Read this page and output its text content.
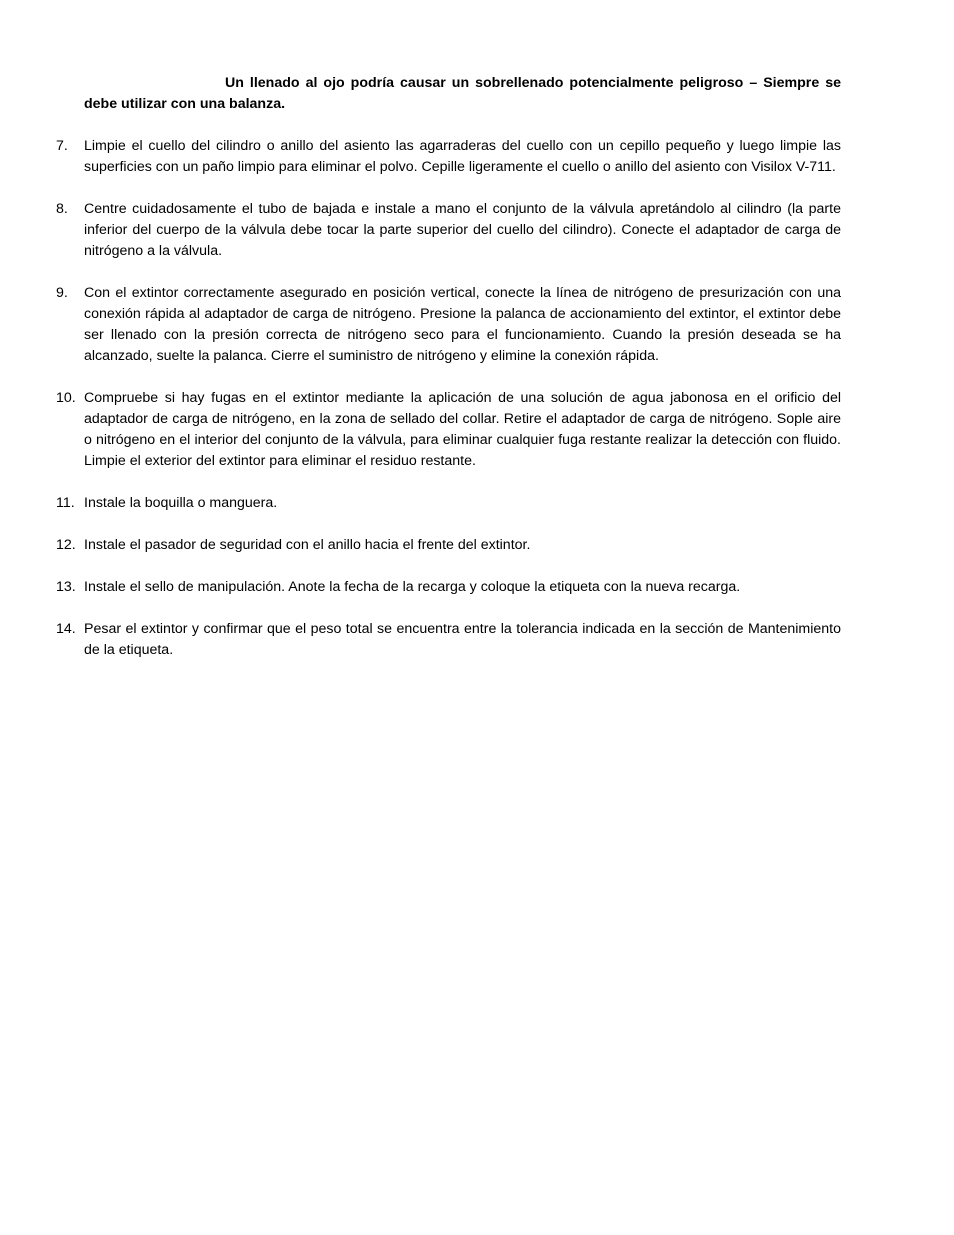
Un llenado al ojo podría causar un sobrellenado potencialmente peligroso – Siempre se debe utilizar con una balanza.

7.	Limpie el cuello del cilindro o anillo del asiento las agarraderas del cuello con un cepillo pequeño y luego limpie las superficies con un paño limpio para eliminar el polvo. Cepille ligeramente el cuello o anillo del asiento con Visilox V-711.
8.	Centre cuidadosamente el tubo de bajada e instale a mano el conjunto de la válvula apretándolo al cilindro (la parte inferior del cuerpo de la válvula debe tocar la parte superior del cuello del cilindro). Conecte el adaptador de carga de nitrógeno a la válvula.
9.	Con el extintor correctamente asegurado en posición vertical, conecte la línea de nitrógeno de presurización con una conexión rápida al adaptador de carga de nitrógeno. Presione la palanca de accionamiento del extintor, el extintor debe ser llenado con la presión correcta de nitrógeno seco para el funcionamiento. Cuando la presión deseada se ha alcanzado, suelte la palanca. Cierre el suministro de nitrógeno y elimine la conexión rápida.
10. Compruebe si hay fugas en el extintor mediante la aplicación de una solución de agua jabonosa en el orificio del adaptador de carga de nitrógeno, en la zona de sellado del collar. Retire el adaptador de carga de nitrógeno. Sople aire o nitrógeno en el interior del conjunto de la válvula, para eliminar cualquier fuga restante realizar la detección con fluido. Limpie el exterior del extintor para eliminar el residuo restante.
11. Instale la boquilla o manguera.
12. Instale el pasador de seguridad con el anillo hacia el frente del extintor.
13. Instale el sello de manipulación. Anote la fecha de la recarga y coloque la etiqueta con la nueva recarga.
14. Pesar el extintor y confirmar que el peso total se encuentra entre la tolerancia indicada en la sección de Mantenimiento de la etiqueta.
